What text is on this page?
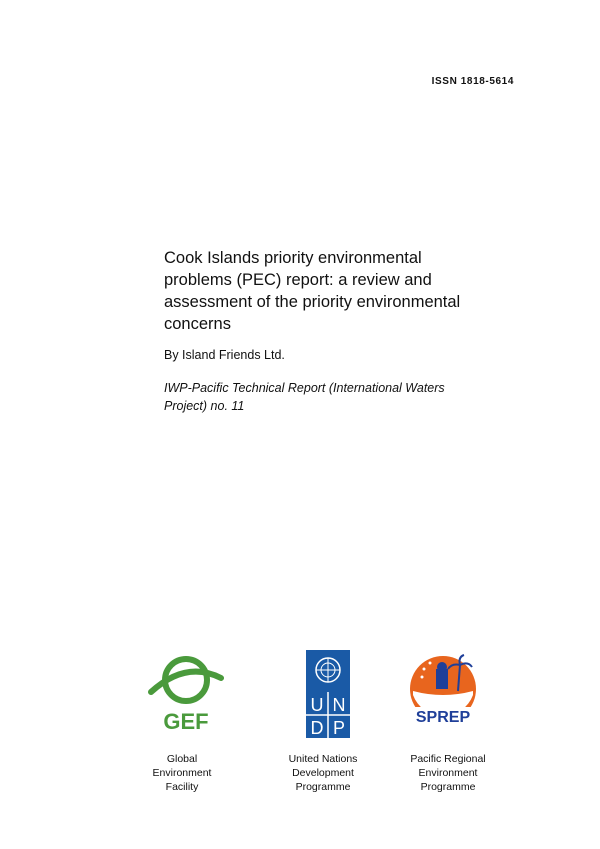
ISSN 1818-5614
Cook Islands priority environmental problems (PEC) report: a review and assessment of the priority environmental concerns
By Island Friends Ltd.
IWP-Pacific Technical Report (International Waters Project) no. 11
GEF
U N
D P
SPREP
Global
Environment
Facility
United Nations
Development
Programme
Pacific Regional
Environment
Programme
